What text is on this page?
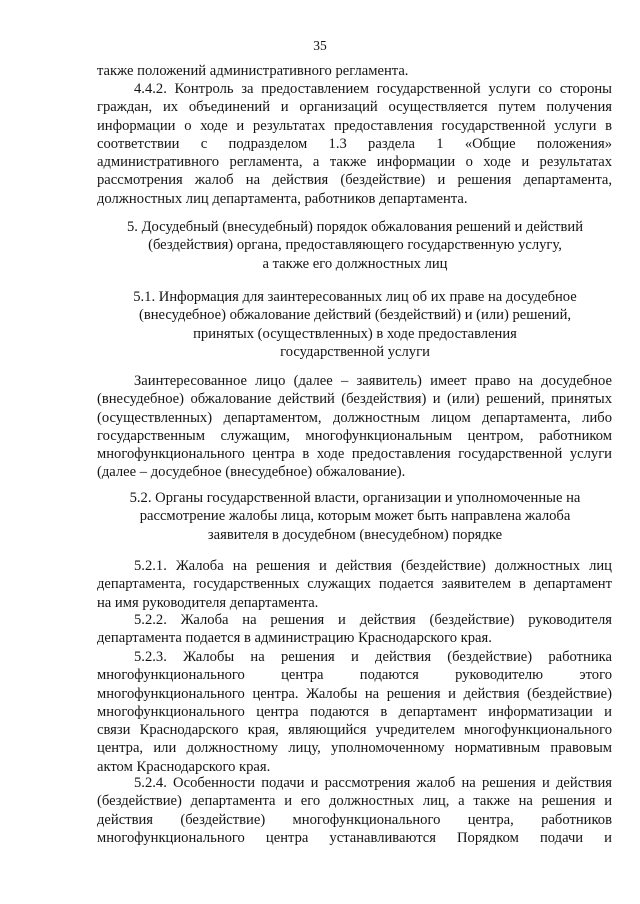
35

также положений административного регламента.

4.4.2. Контроль за предоставлением государственной услуги со стороны
граждан, их объединений и организаций осуществляется путем получения
информации о ходе и результатах предоставления государственной услуги в
соответствии с подразделом 1.3 раздела 1 «Общие положения»
административного регламента, а также информации о ходе и результатах
рассмотрения жалоб на действия (бездействие) и решения департамента,
должностных лиц департамента, работников департамента.
5. Досудебный (внесудебный) порядок обжалования решений и действий
(бездействия) органа, предоставляющего государственную услугу,
а также его должностных лиц
5.1. Информация для заинтересованных лиц об их праве на досудебное
(внесудебное) обжалование действий (бездействий) и (или) решений,
принятых (осуществленных) в ходе предоставления
государственной услуги
Заинтересованное лицо (далее – заявитель) имеет право на досудебное
(внесудебное) обжалование действий (бездействия) и (или) решений, принятых
(осуществленных) департаментом, должностным лицом департамента, либо
государственным служащим, многофункциональным центром, работником
многофункционального центра в ходе предоставления государственной услуги
(далее – досудебное (внесудебное) обжалование).
5.2. Органы государственной власти, организации и уполномоченные на
рассмотрение жалобы лица, которым может быть направлена жалоба
заявителя в досудебном (внесудебном) порядке
5.2.1. Жалоба на решения и действия (бездействие) должностных лиц
департамента, государственных служащих подается заявителем в департамент
на имя руководителя департамента.
5.2.2. Жалоба на решения и действия (бездействие) руководителя
департамента подается в администрацию Краснодарского края.
5.2.3. Жалобы на решения и действия (бездействие) работника
многофункционального центра подаются руководителю этого
многофункционального центра. Жалобы на решения и действия (бездействие)
многофункционального центра подаются в департамент информатизации и
связи Краснодарского края, являющийся учредителем многофункционального
центра, или должностному лицу, уполномоченному нормативным правовым
актом Краснодарского края.
5.2.4. Особенности подачи и рассмотрения жалоб на решения и действия
(бездействие) департамента и его должностных лиц, а также на решения и
действия (бездействие) многофункционального центра, работников
многофункционального центра устанавливаются Порядком подачи и
